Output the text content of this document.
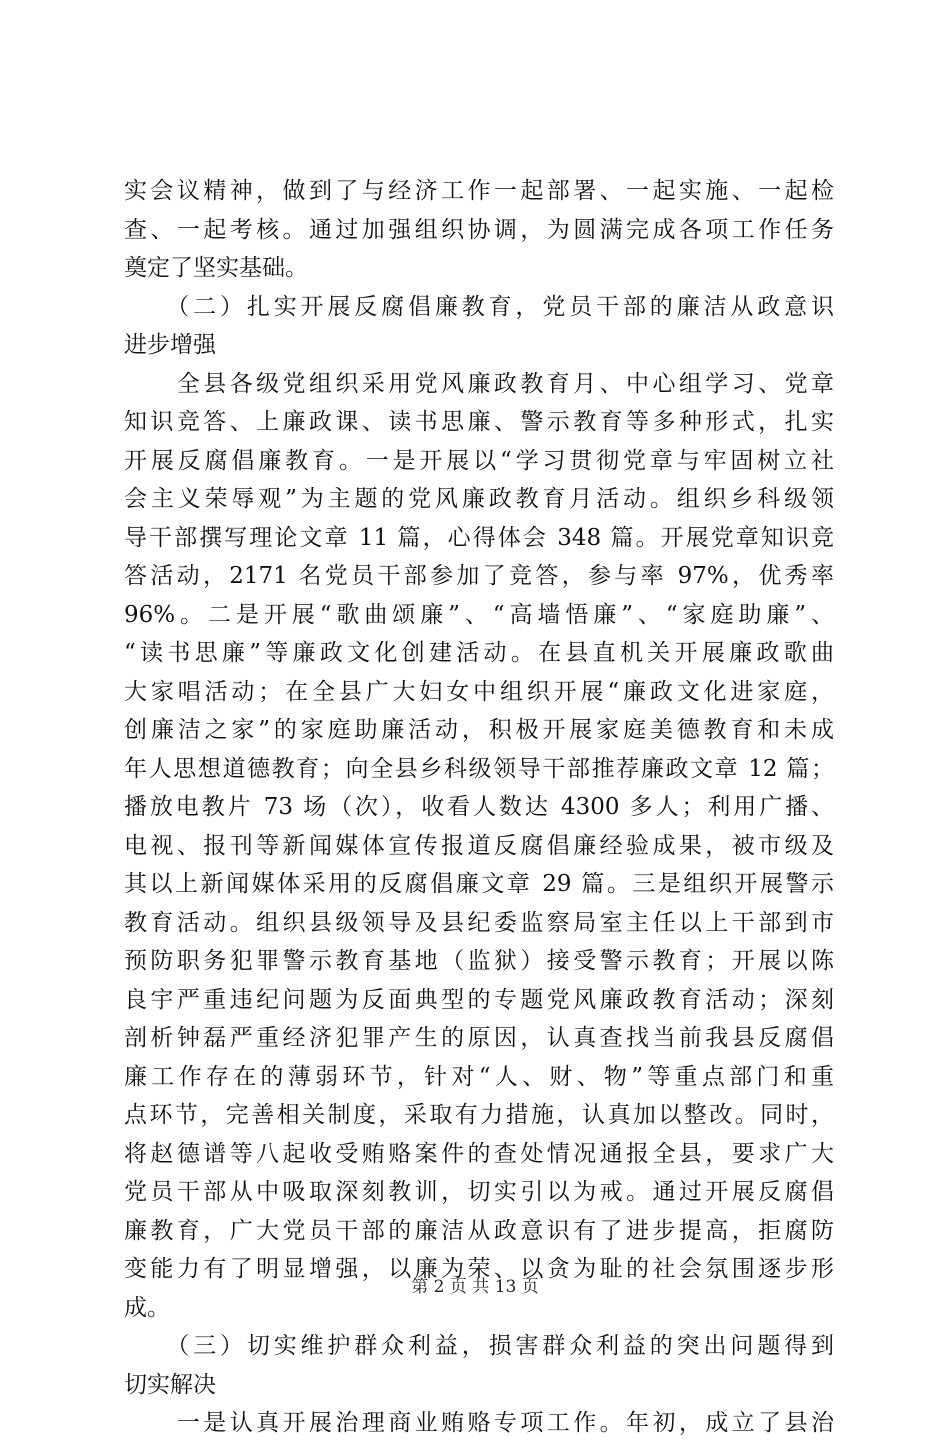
实会议精神，做到了与经济工作一起部署、一起实施、一起检
查、一起考核。通过加强组织协调，为圆满完成各项工作任务
奠定了坚实基础。
　　（二）扎实开展反腐倡廉教育，党员干部的廉洁从政意识
进步增强
　　全县各级党组织采用党风廉政教育月、中心组学习、党章
知识竞答、上廉政课、读书思廉、警示教育等多种形式，扎实
开展反腐倡廉教育。一是开展以“学习贯彻党章与牢固树立社
会主义荣辱观”为主题的党风廉政教育月活动。组织乡科级领
导干部撰写理论文章 11 篇，心得体会 348 篇。开展党章知识竞
答活动，2171 名党员干部参加了竞答，参与率 97%，优秀率
96%。二是开展“歌曲颂廉”、“高墙悟廉”、“家庭助廉”、
“读书思廉”等廉政文化创建活动。在县直机关开展廉政歌曲
大家唱活动；在全县广大妇女中组织开展“廉政文化进家庭，
创廉洁之家”的家庭助廉活动，积极开展家庭美德教育和未成
年人思想道德教育；向全县乡科级领导干部推荐廉政文章 12 篇；
播放电教片 73 场（次），收看人数达 4300 多人；利用广播、
电视、报刊等新闻媒体宣传报道反腐倡廉经验成果，被市级及
其以上新闻媒体采用的反腐倡廉文章 29 篇。三是组织开展警示
教育活动。组织县级领导及县纪委监察局室主任以上干部到市
预防职务犯罪警示教育基地（监狱）接受警示教育；开展以陈
良宇严重违纪问题为反面典型的专题党风廉政教育活动；深刻
剖析钟磊严重经济犯罪产生的原因，认真查找当前我县反腐倡
廉工作存在的薄弱环节，针对“人、财、物”等重点部门和重
点环节，完善相关制度，采取有力措施，认真加以整改。同时，
将赵德谱等八起收受贿赂案件的查处情况通报全县，要求广大
党员干部从中吸取深刻教训，切实引以为戒。通过开展反腐倡
廉教育，广大党员干部的廉洁从政意识有了进步提高，拒腐防
变能力有了明显增强，以廉为荣、以贪为耻的社会氛围逐步形
成。
　　（三）切实维护群众利益，损害群众利益的突出问题得到
切实解决
　　一是认真开展治理商业贿赂专项工作。年初，成立了县治
第 2 页 共 13 页
